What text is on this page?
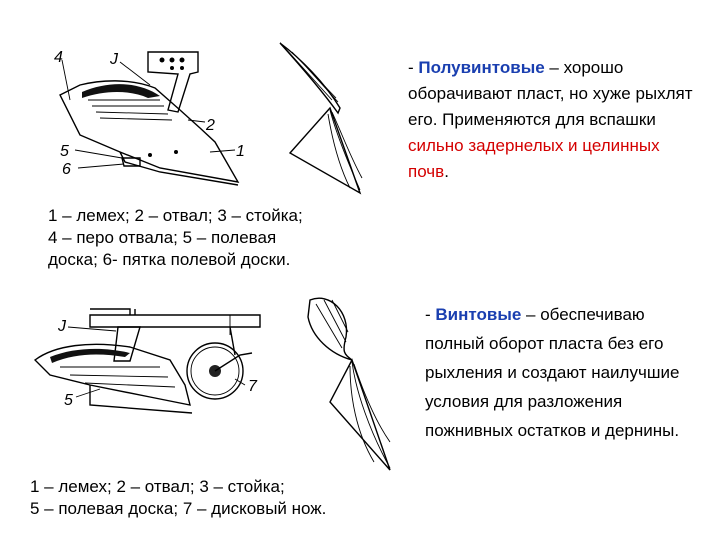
4	J
2
1
5
6
1 – лемех; 2 – отвал; 3 – стойка;
4 – перо отвала; 5 – полевая
доска; 6- пятка полевой доски.
- Полувинтовые – хорошо оборачивают пласт, но хуже рыхлят его. Применяются для вспашки сильно задернелых и целинных почв.
J
5
7
- Винтовые – обеспечиваю полный оборот пласта без его рыхления и создают наилучшие условия для разложения пожнивных остатков и дернины.
1 – лемех; 2 – отвал; 3 – стойка;
5 – полевая доска; 7 – дисковый нож.
